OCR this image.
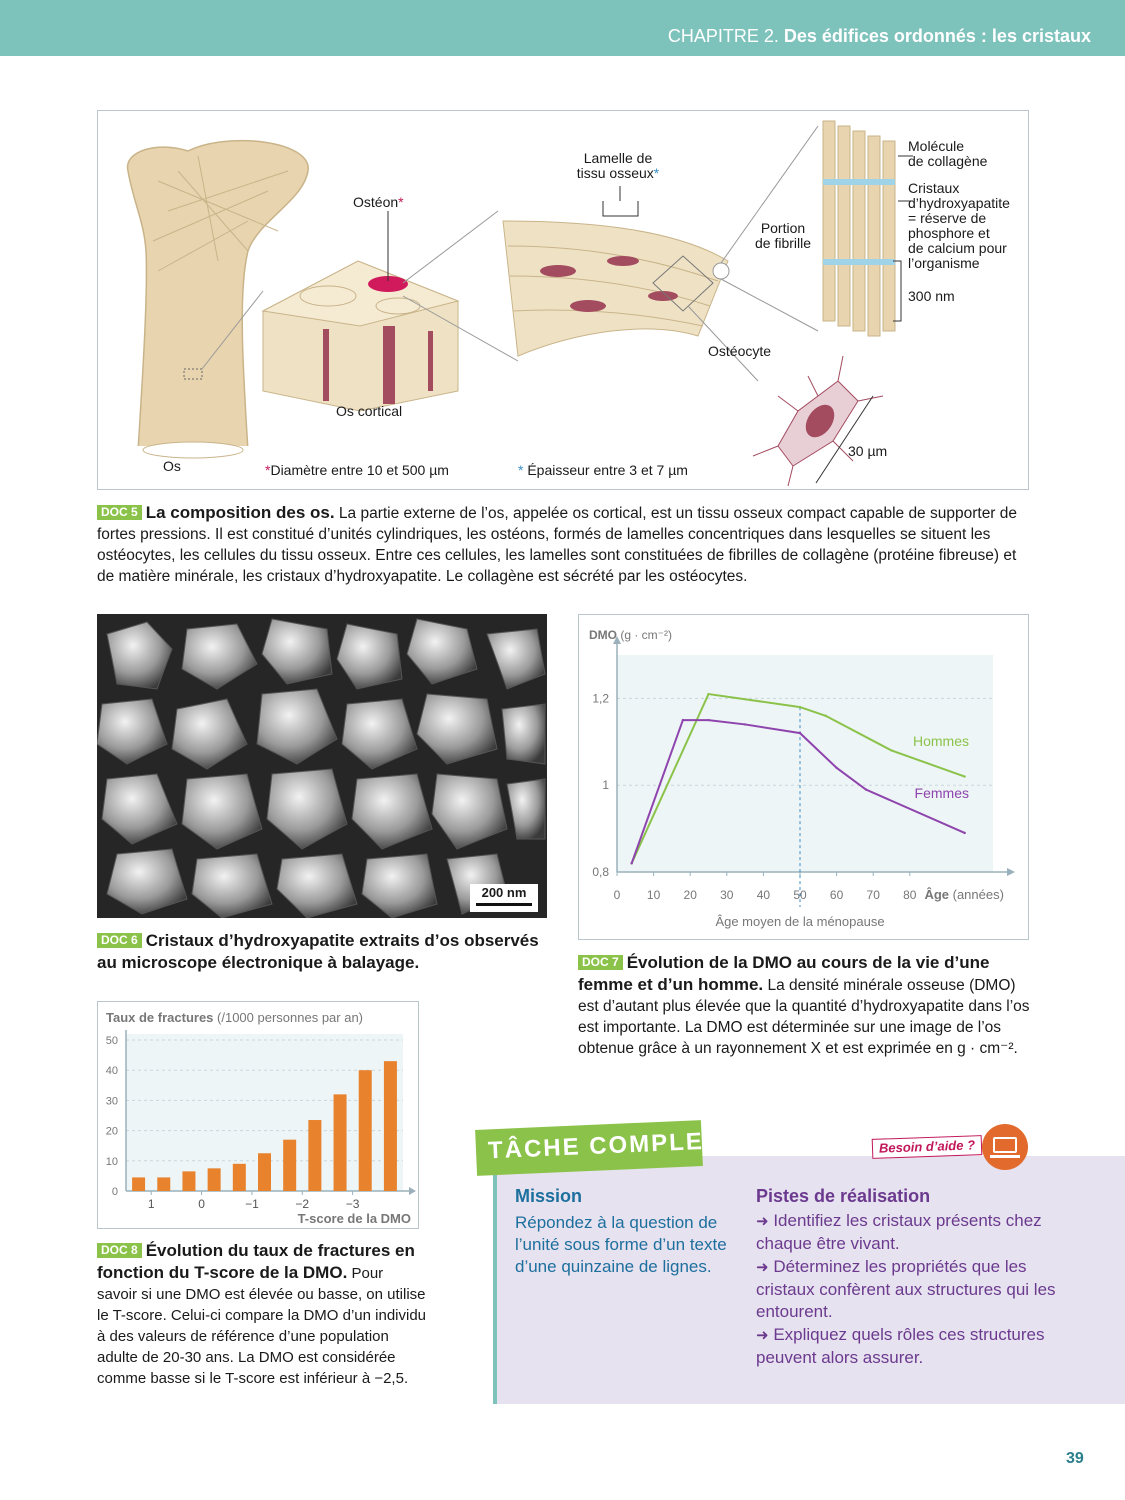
CHAPITRE 2. Des édifices ordonnés : les cristaux
Ostéon*
Lamelle de
tissu osseux*
Portion
de fibrille
Molécule
de collagène
Cristaux
d’hydroxyapatite
= réserve de
phosphore et
de calcium pour
l’organisme
300 nm
Ostéocyte
30 µm
Os cortical
Os	*Diamètre entre 10 et 500 µm	* Épaisseur entre 3 et 7 µm
DOC 5 La composition des os. La partie externe de l’os, appelée os cortical, est un tissu osseux compact capable de supporter de fortes pressions. Il est constitué d’unités cylindriques, les ostéons, formés de lamelles concentriques dans lesquelles se situent les ostéocytes, les cellules du tissu osseux. Entre ces cellules, les lamelles sont constituées de fibrilles de collagène (protéine fibreuse) et de matière minérale, les cristaux d’hydroxyapatite. Le collagène est sécrété par les ostéocytes.
200 nm
DOC 6 Cristaux d’hydroxyapatite extraits d’os observés au microscope électronique à balayage.
0,8
1
1,2
0 10 20 30 40 50 60 70 80
DMO (g · cm⁻²)
Âge (années)
Âge moyen de la ménopause
Hommes
Femmes
DOC 7 Évolution de la DMO au cours de la vie d’une femme et d’un homme. La densité minérale osseuse (DMO) est d’autant plus élevée que la quantité d’hydroxyapatite dans l’os est importante. La DMO est déterminée sur une image de l’os obtenue grâce à un rayonnement X et est exprimée en g · cm⁻².
0
10
20
30
40
50
1	0	−1	−2	−3
Taux de fractures (/1000 personnes par an)
T-score de la DMO
DOC 8 Évolution du taux de fractures en fonction du T-score de la DMO. Pour savoir si une DMO est élevée ou basse, on utilise le T-score. Celui-ci compare la DMO d’un individu à des valeurs de référence d’une population adulte de 20-30 ans. La DMO est considérée comme basse si le T-score est inférieur à −2,5.
TÂCHE COMPLEXE	Besoin d’aide ?
Mission
Répondez à la question de l’unité sous forme d’un texte d’une quinzaine de lignes.
Pistes de réalisation
➜ Identifiez les cristaux présents chez chaque être vivant.
➜ Déterminez les propriétés que les cristaux confèrent aux structures qui les entourent.
➜ Expliquez quels rôles ces structures peuvent alors assurer.
39
